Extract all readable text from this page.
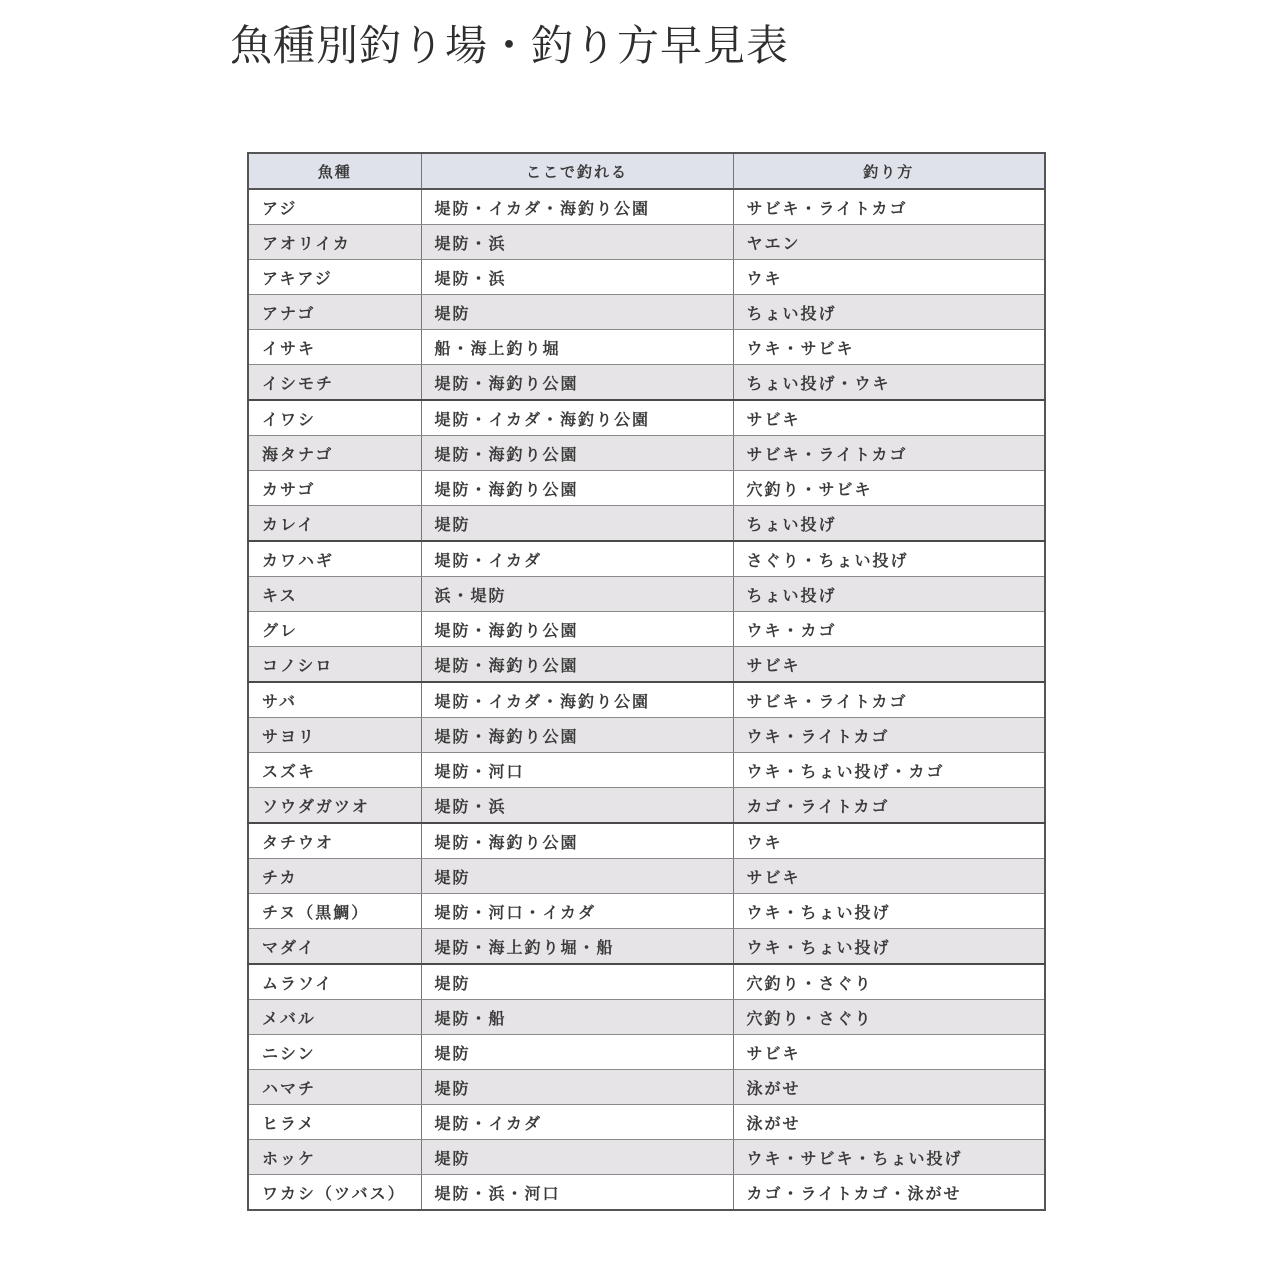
魚種別釣り場・釣り方早見表
魚種	ここで釣れる	釣り方
アジ	堤防・イカダ・海釣り公園	サビキ・ライトカゴ
アオリイカ	堤防・浜	ヤエン
アキアジ	堤防・浜	ウキ
アナゴ	堤防	ちょい投げ
イサキ	船・海上釣り堀	ウキ・サビキ
イシモチ	堤防・海釣り公園	ちょい投げ・ウキ
イワシ	堤防・イカダ・海釣り公園	サビキ
海タナゴ	堤防・海釣り公園	サビキ・ライトカゴ
カサゴ	堤防・海釣り公園	穴釣り・サビキ
カレイ	堤防	ちょい投げ
カワハギ	堤防・イカダ	さぐり・ちょい投げ
キス	浜・堤防	ちょい投げ
グレ	堤防・海釣り公園	ウキ・カゴ
コノシロ	堤防・海釣り公園	サビキ
サバ	堤防・イカダ・海釣り公園	サビキ・ライトカゴ
サヨリ	堤防・海釣り公園	ウキ・ライトカゴ
スズキ	堤防・河口	ウキ・ちょい投げ・カゴ
ソウダガツオ	堤防・浜	カゴ・ライトカゴ
タチウオ	堤防・海釣り公園	ウキ
チカ	堤防	サビキ
チヌ（黒鯛）	堤防・河口・イカダ	ウキ・ちょい投げ
マダイ	堤防・海上釣り堀・船	ウキ・ちょい投げ
ムラソイ	堤防	穴釣り・さぐり
メバル	堤防・船	穴釣り・さぐり
ニシン	堤防	サビキ
ハマチ	堤防	泳がせ
ヒラメ	堤防・イカダ	泳がせ
ホッケ	堤防	ウキ・サビキ・ちょい投げ
ワカシ（ツバス）	堤防・浜・河口	カゴ・ライトカゴ・泳がせ
